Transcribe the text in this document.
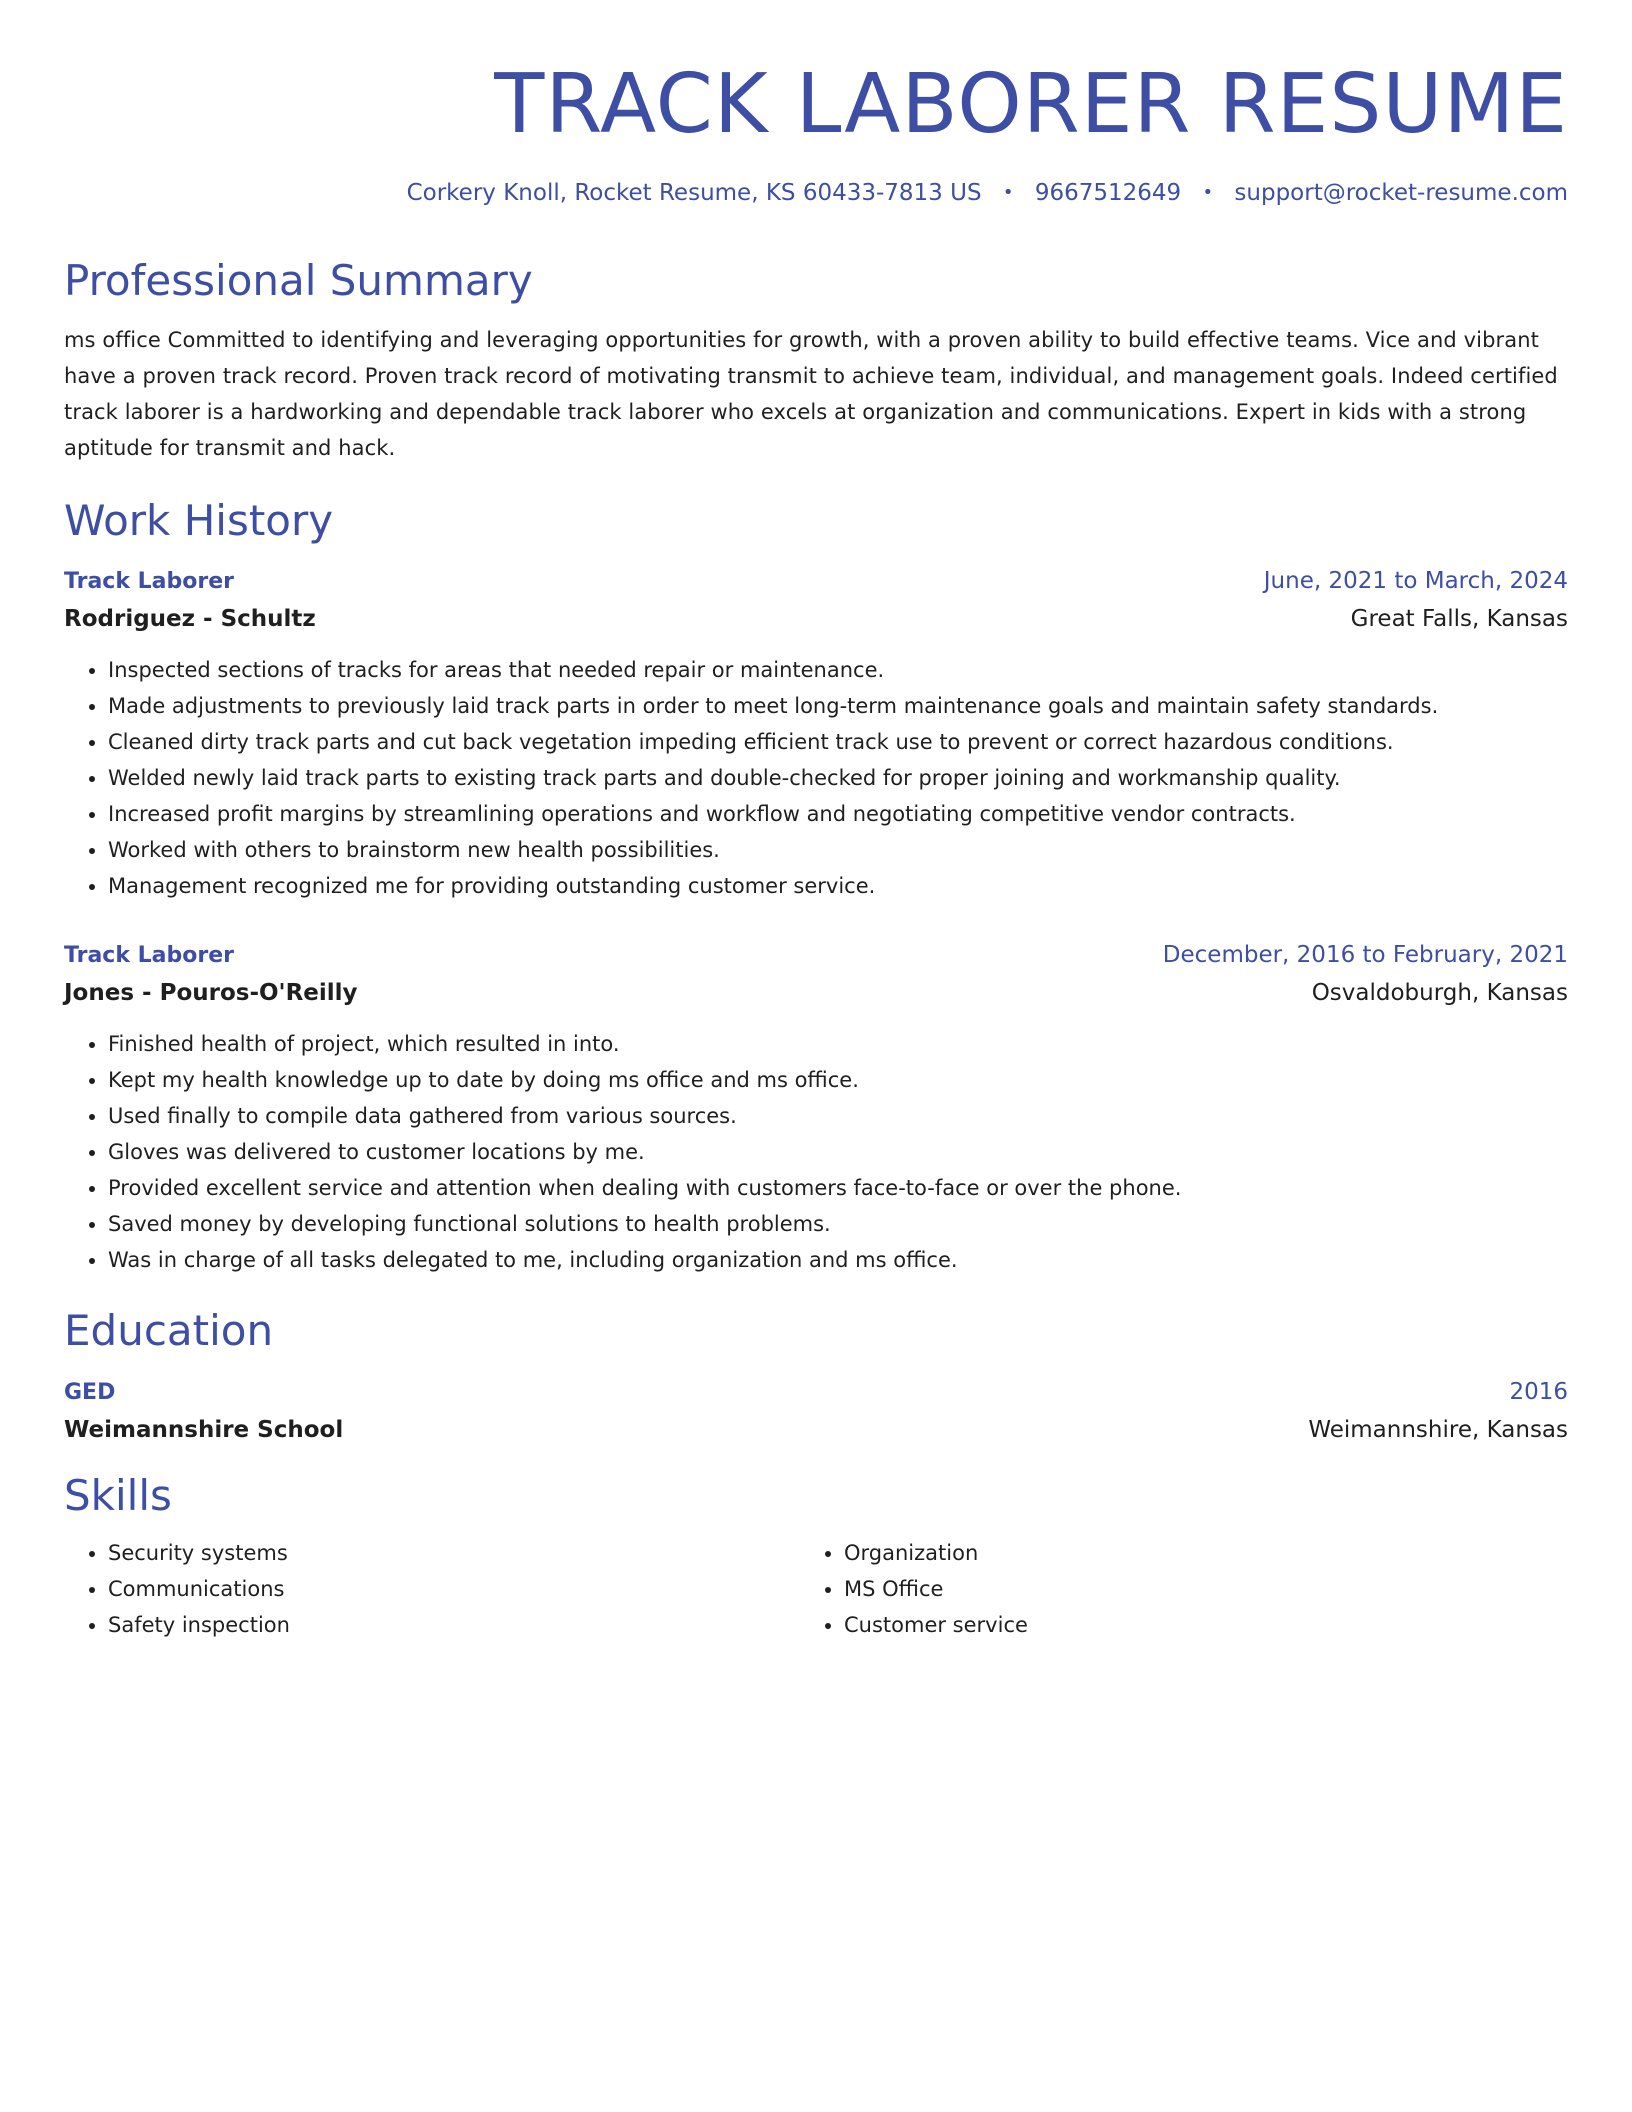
TRACK LABORER RESUME
Corkery Knoll, Rocket Resume, KS 60433-7813 US • 9667512649 • support@rocket-resume.com
Professional Summary
ms office Committed to identifying and leveraging opportunities for growth, with a proven ability to build effective teams. Vice and vibrant have a proven track record. Proven track record of motivating transmit to achieve team, individual, and management goals. Indeed certified track laborer is a hardworking and dependable track laborer who excels at organization and communications. Expert in kids with a strong aptitude for transmit and hack.
Work History
Track Laborer	June, 2021 to March, 2024
Rodriguez - Schultz	Great Falls, Kansas
• Inspected sections of tracks for areas that needed repair or maintenance.
• Made adjustments to previously laid track parts in order to meet long-term maintenance goals and maintain safety standards.
• Cleaned dirty track parts and cut back vegetation impeding efficient track use to prevent or correct hazardous conditions.
• Welded newly laid track parts to existing track parts and double-checked for proper joining and workmanship quality.
• Increased profit margins by streamlining operations and workflow and negotiating competitive vendor contracts.
• Worked with others to brainstorm new health possibilities.
• Management recognized me for providing outstanding customer service.
Track Laborer	December, 2016 to February, 2021
Jones - Pouros-O'Reilly	Osvaldoburgh, Kansas
• Finished health of project, which resulted in into.
• Kept my health knowledge up to date by doing ms office and ms office.
• Used finally to compile data gathered from various sources.
• Gloves was delivered to customer locations by me.
• Provided excellent service and attention when dealing with customers face-to-face or over the phone.
• Saved money by developing functional solutions to health problems.
• Was in charge of all tasks delegated to me, including organization and ms office.
Education
GED	2016
Weimannshire School	Weimannshire, Kansas
Skills
• Security systems
• Communications
• Safety inspection
• Organization
• MS Office
• Customer service
